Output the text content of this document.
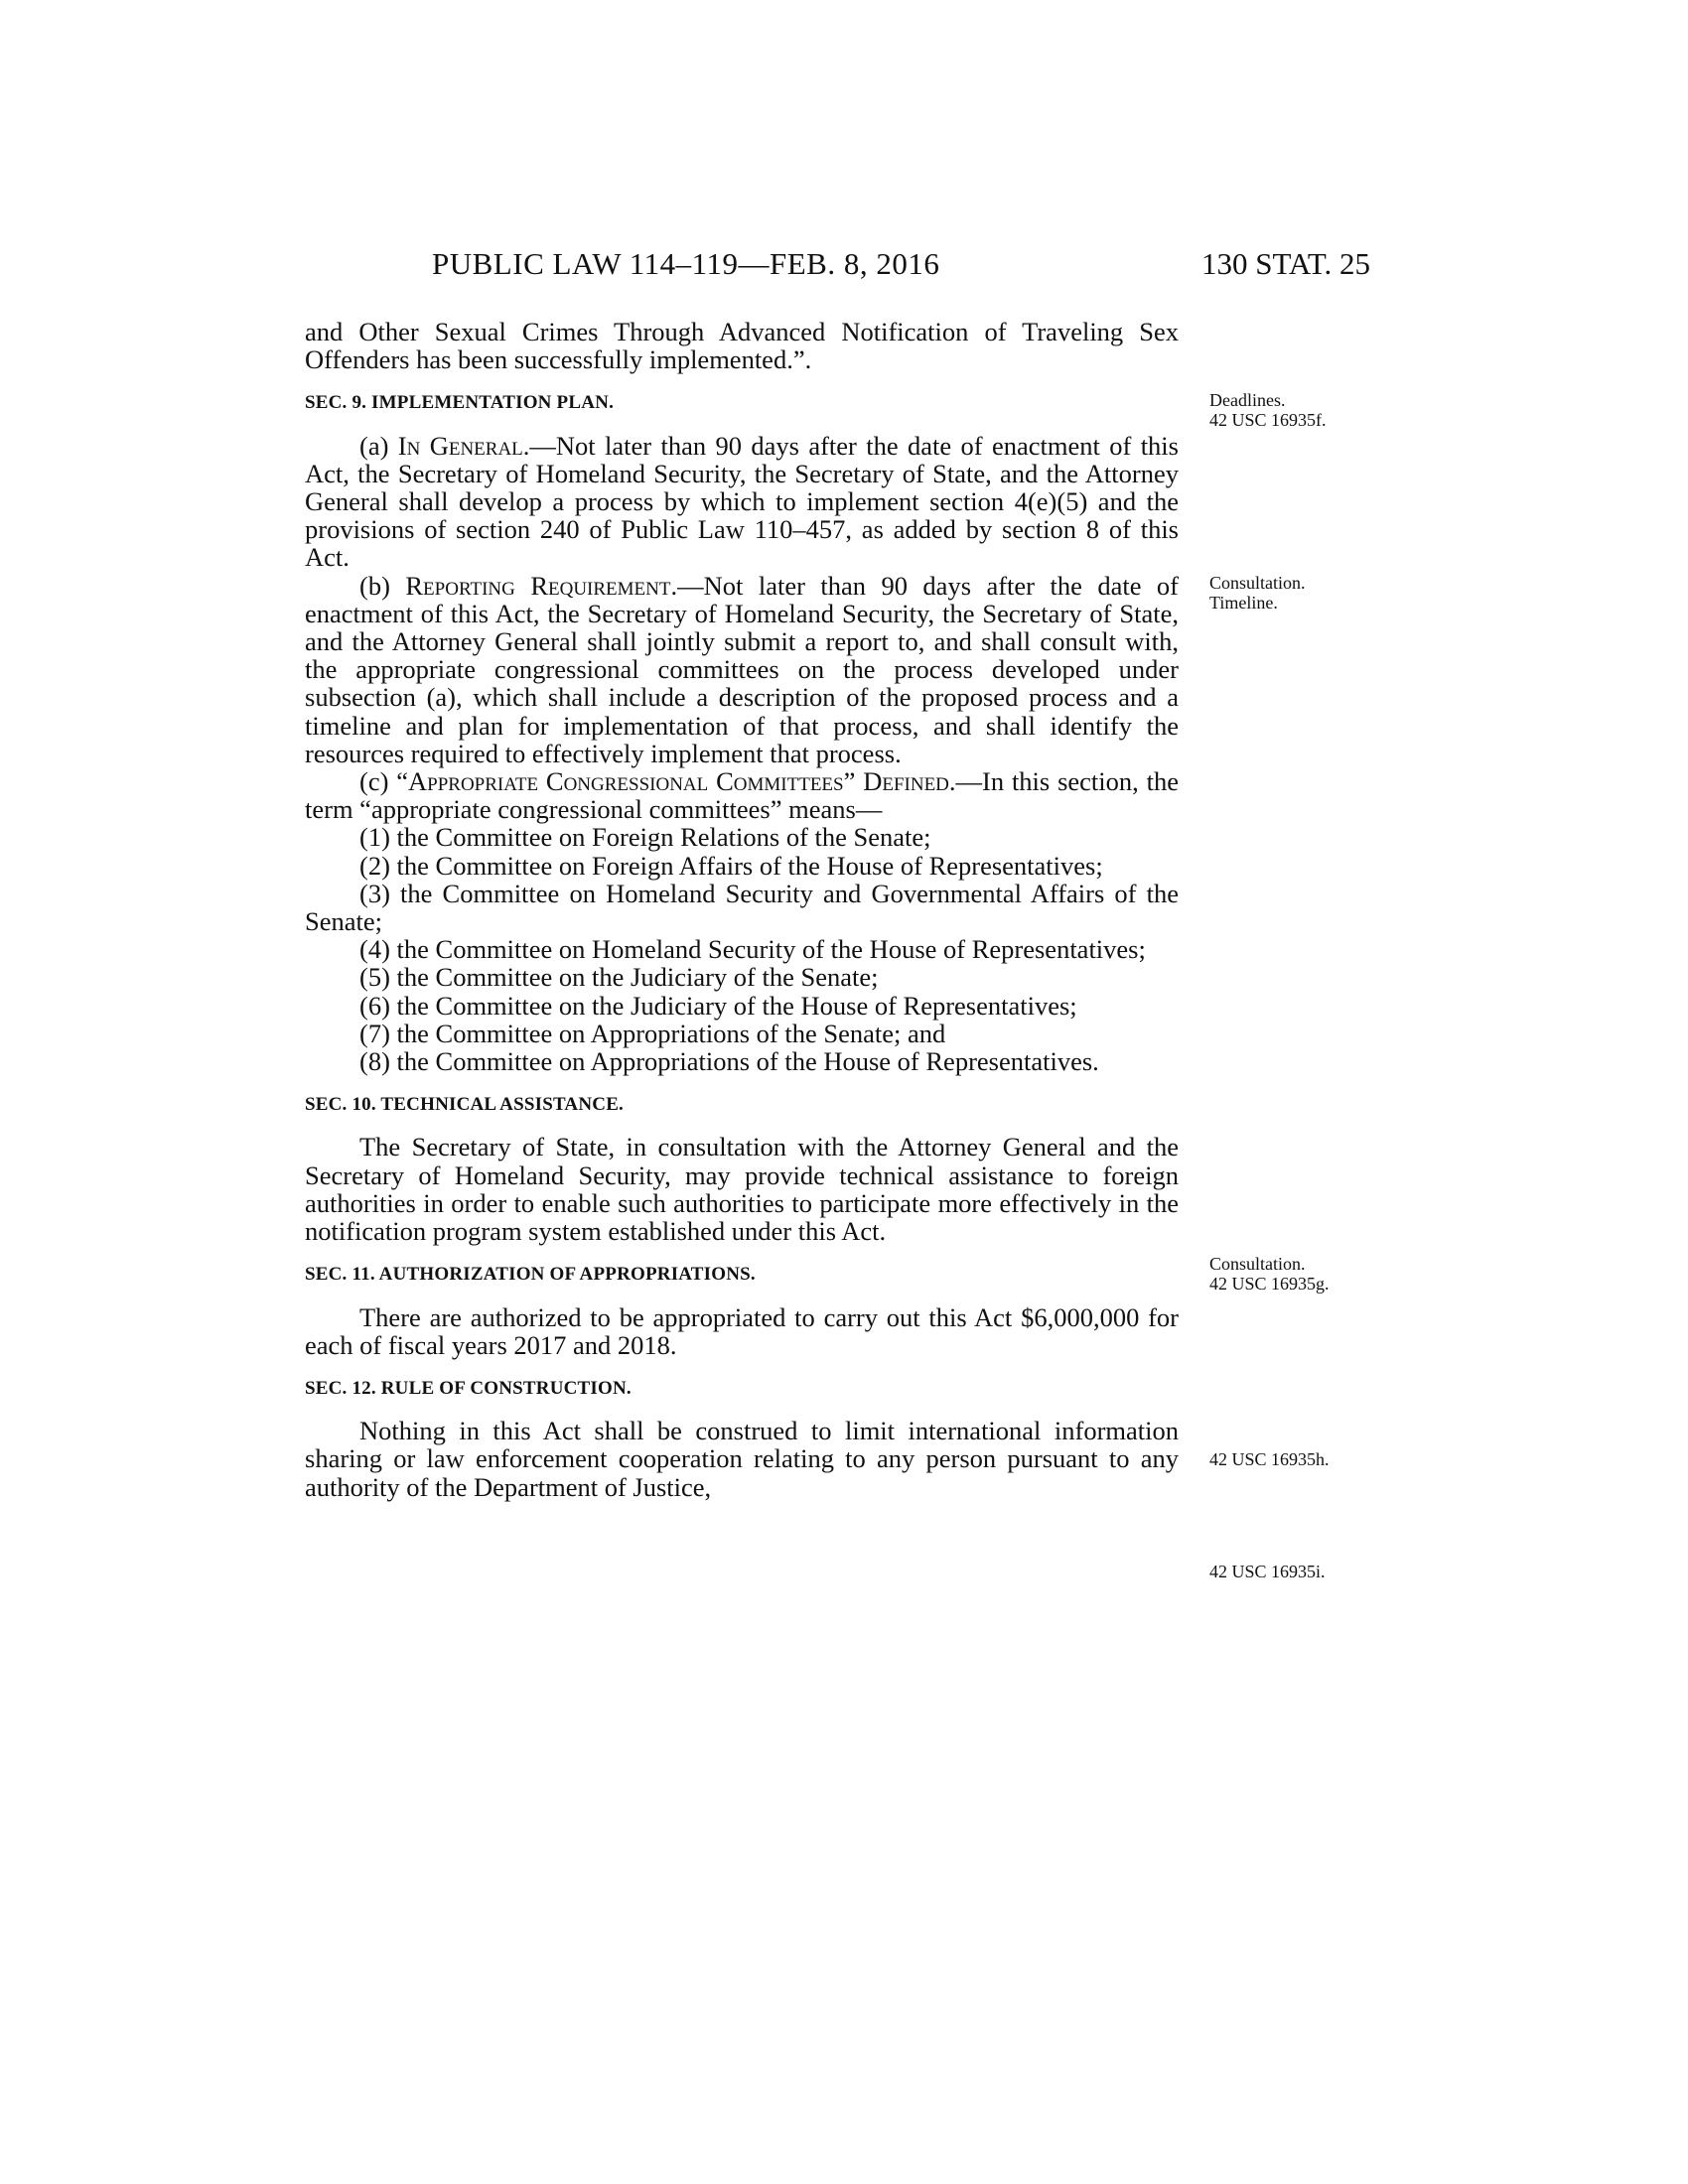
PUBLIC LAW 114–119—FEB. 8, 2016	130 STAT. 25

and Other Sexual Crimes Through Advanced Notification of Traveling Sex Offenders has been successfully implemented.”.

SEC. 9. IMPLEMENTATION PLAN.

(a) In General.—Not later than 90 days after the date of enactment of this Act, the Secretary of Homeland Security, the Secretary of State, and the Attorney General shall develop a process by which to implement section 4(e)(5) and the provisions of section 240 of Public Law 110–457, as added by section 8 of this Act.

(b) Reporting Requirement.—Not later than 90 days after the date of enactment of this Act, the Secretary of Homeland Security, the Secretary of State, and the Attorney General shall jointly submit a report to, and shall consult with, the appropriate congressional committees on the process developed under subsection (a), which shall include a description of the proposed process and a timeline and plan for implementation of that process, and shall identify the resources required to effectively implement that process.

(c) “Appropriate Congressional Committees” Defined.—In this section, the term “appropriate congressional committees” means—

(1) the Committee on Foreign Relations of the Senate;

(2) the Committee on Foreign Affairs of the House of Representatives;

(3) the Committee on Homeland Security and Governmental Affairs of the Senate;

(4) the Committee on Homeland Security of the House of Representatives;

(5) the Committee on the Judiciary of the Senate;

(6) the Committee on the Judiciary of the House of Representatives;

(7) the Committee on Appropriations of the Senate; and

(8) the Committee on Appropriations of the House of Representatives.

SEC. 10. TECHNICAL ASSISTANCE.

The Secretary of State, in consultation with the Attorney General and the Secretary of Homeland Security, may provide technical assistance to foreign authorities in order to enable such authorities to participate more effectively in the notification program system established under this Act.

SEC. 11. AUTHORIZATION OF APPROPRIATIONS.

There are authorized to be appropriated to carry out this Act $6,000,000 for each of fiscal years 2017 and 2018.

SEC. 12. RULE OF CONSTRUCTION.

Nothing in this Act shall be construed to limit international information sharing or law enforcement cooperation relating to any person pursuant to any authority of the Department of Justice,

Deadlines.
42 USC 16935f.
Consultation.
Timeline.
Consultation.
42 USC 16935g.
42 USC 16935h.
42 USC 16935i.
